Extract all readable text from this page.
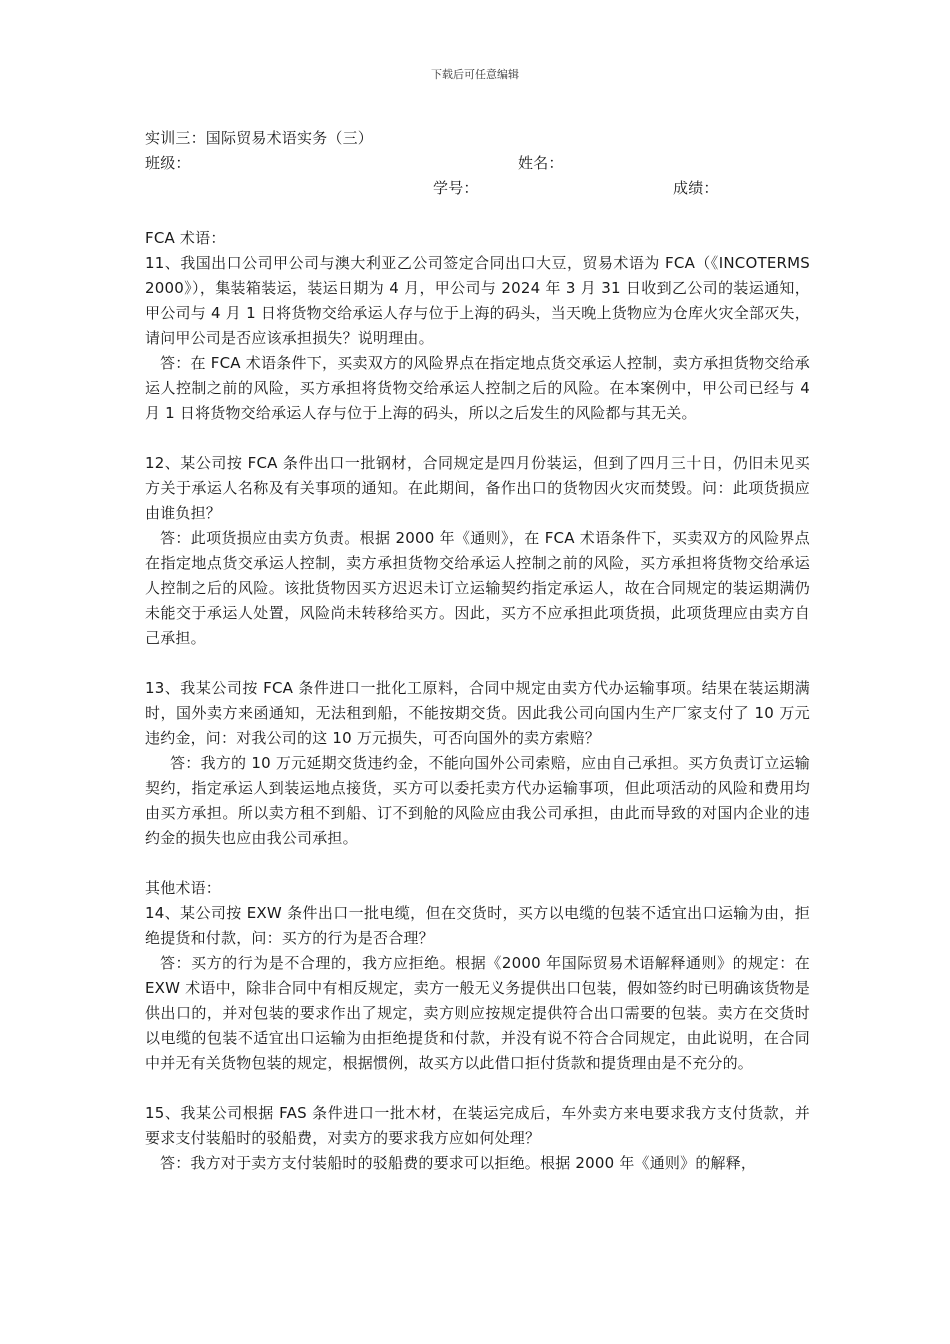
下载后可任意编辑

实训三：国际贸易术语实务（三）

班级：	姓名：
学号：	成绩：

FCA 术语：

11、我国出口公司甲公司与澳大利亚乙公司签定合同出口大豆，贸易术语为 FCA（《INCOTERMS 2000》），集装箱装运，装运日期为 4 月，甲公司与 2024 年 3 月 31 日收到乙公司的装运通知，甲公司与 4 月 1 日将货物交给承运人存与位于上海的码头，当天晚上货物应为仓库火灾全部灭失，请问甲公司是否应该承担损失？说明理由。

答：在 FCA 术语条件下，买卖双方的风险界点在指定地点货交承运人控制，卖方承担货物交给承运人控制之前的风险，买方承担将货物交给承运人控制之后的风险。在本案例中，甲公司已经与 4 月 1 日将货物交给承运人存与位于上海的码头，所以之后发生的风险都与其无关。

12、某公司按 FCA 条件出口一批钢材，合同规定是四月份装运，但到了四月三十日，仍旧未见买方关于承运人名称及有关事项的通知。在此期间，备作出口的货物因火灾而焚毁。问：此项货损应由谁负担？

答：此项货损应由卖方负责。根据 2000 年《通则》，在 FCA 术语条件下，买卖双方的风险界点在指定地点货交承运人控制，卖方承担货物交给承运人控制之前的风险，买方承担将货物交给承运人控制之后的风险。该批货物因买方迟迟未订立运输契约指定承运人，故在合同规定的装运期满仍未能交于承运人处置，风险尚未转移给买方。因此，买方不应承担此项货损，此项货理应由卖方自己承担。

13、我某公司按 FCA 条件进口一批化工原料，合同中规定由卖方代办运输事项。结果在装运期满时，国外卖方来函通知，无法租到船，不能按期交货。因此我公司向国内生产厂家支付了 10 万元违约金，问：对我公司的这 10 万元损失，可否向国外的卖方索赔？

答：我方的 10 万元延期交货违约金，不能向国外公司索赔，应由自己承担。买方负责订立运输契约，指定承运人到装运地点接货，买方可以委托卖方代办运输事项，但此项活动的风险和费用均由买方承担。所以卖方租不到船、订不到舱的风险应由我公司承担，由此而导致的对国内企业的违约金的损失也应由我公司承担。

其他术语：

14、某公司按 EXW 条件出口一批电缆，但在交货时，买方以电缆的包装不适宜出口运输为由，拒绝提货和付款，问：买方的行为是否合理？

答：买方的行为是不合理的，我方应拒绝。根据《2000 年国际贸易术语解释通则》的规定：在 EXW 术语中，除非合同中有相反规定，卖方一般无义务提供出口包装，假如签约时已明确该货物是供出口的，并对包装的要求作出了规定，卖方则应按规定提供符合出口需要的包装。卖方在交货时以电缆的包装不适宜出口运输为由拒绝提货和付款，并没有说不符合合同规定，由此说明，在合同中并无有关货物包装的规定，根据惯例，故买方以此借口拒付货款和提货理由是不充分的。

15、我某公司根据 FAS 条件进口一批木材，在装运完成后，车外卖方来电要求我方支付货款，并要求支付装船时的驳船费，对卖方的要求我方应如何处理？

答：我方对于卖方支付装船时的驳船费的要求可以拒绝。根据 2000 年《通则》的解释，
